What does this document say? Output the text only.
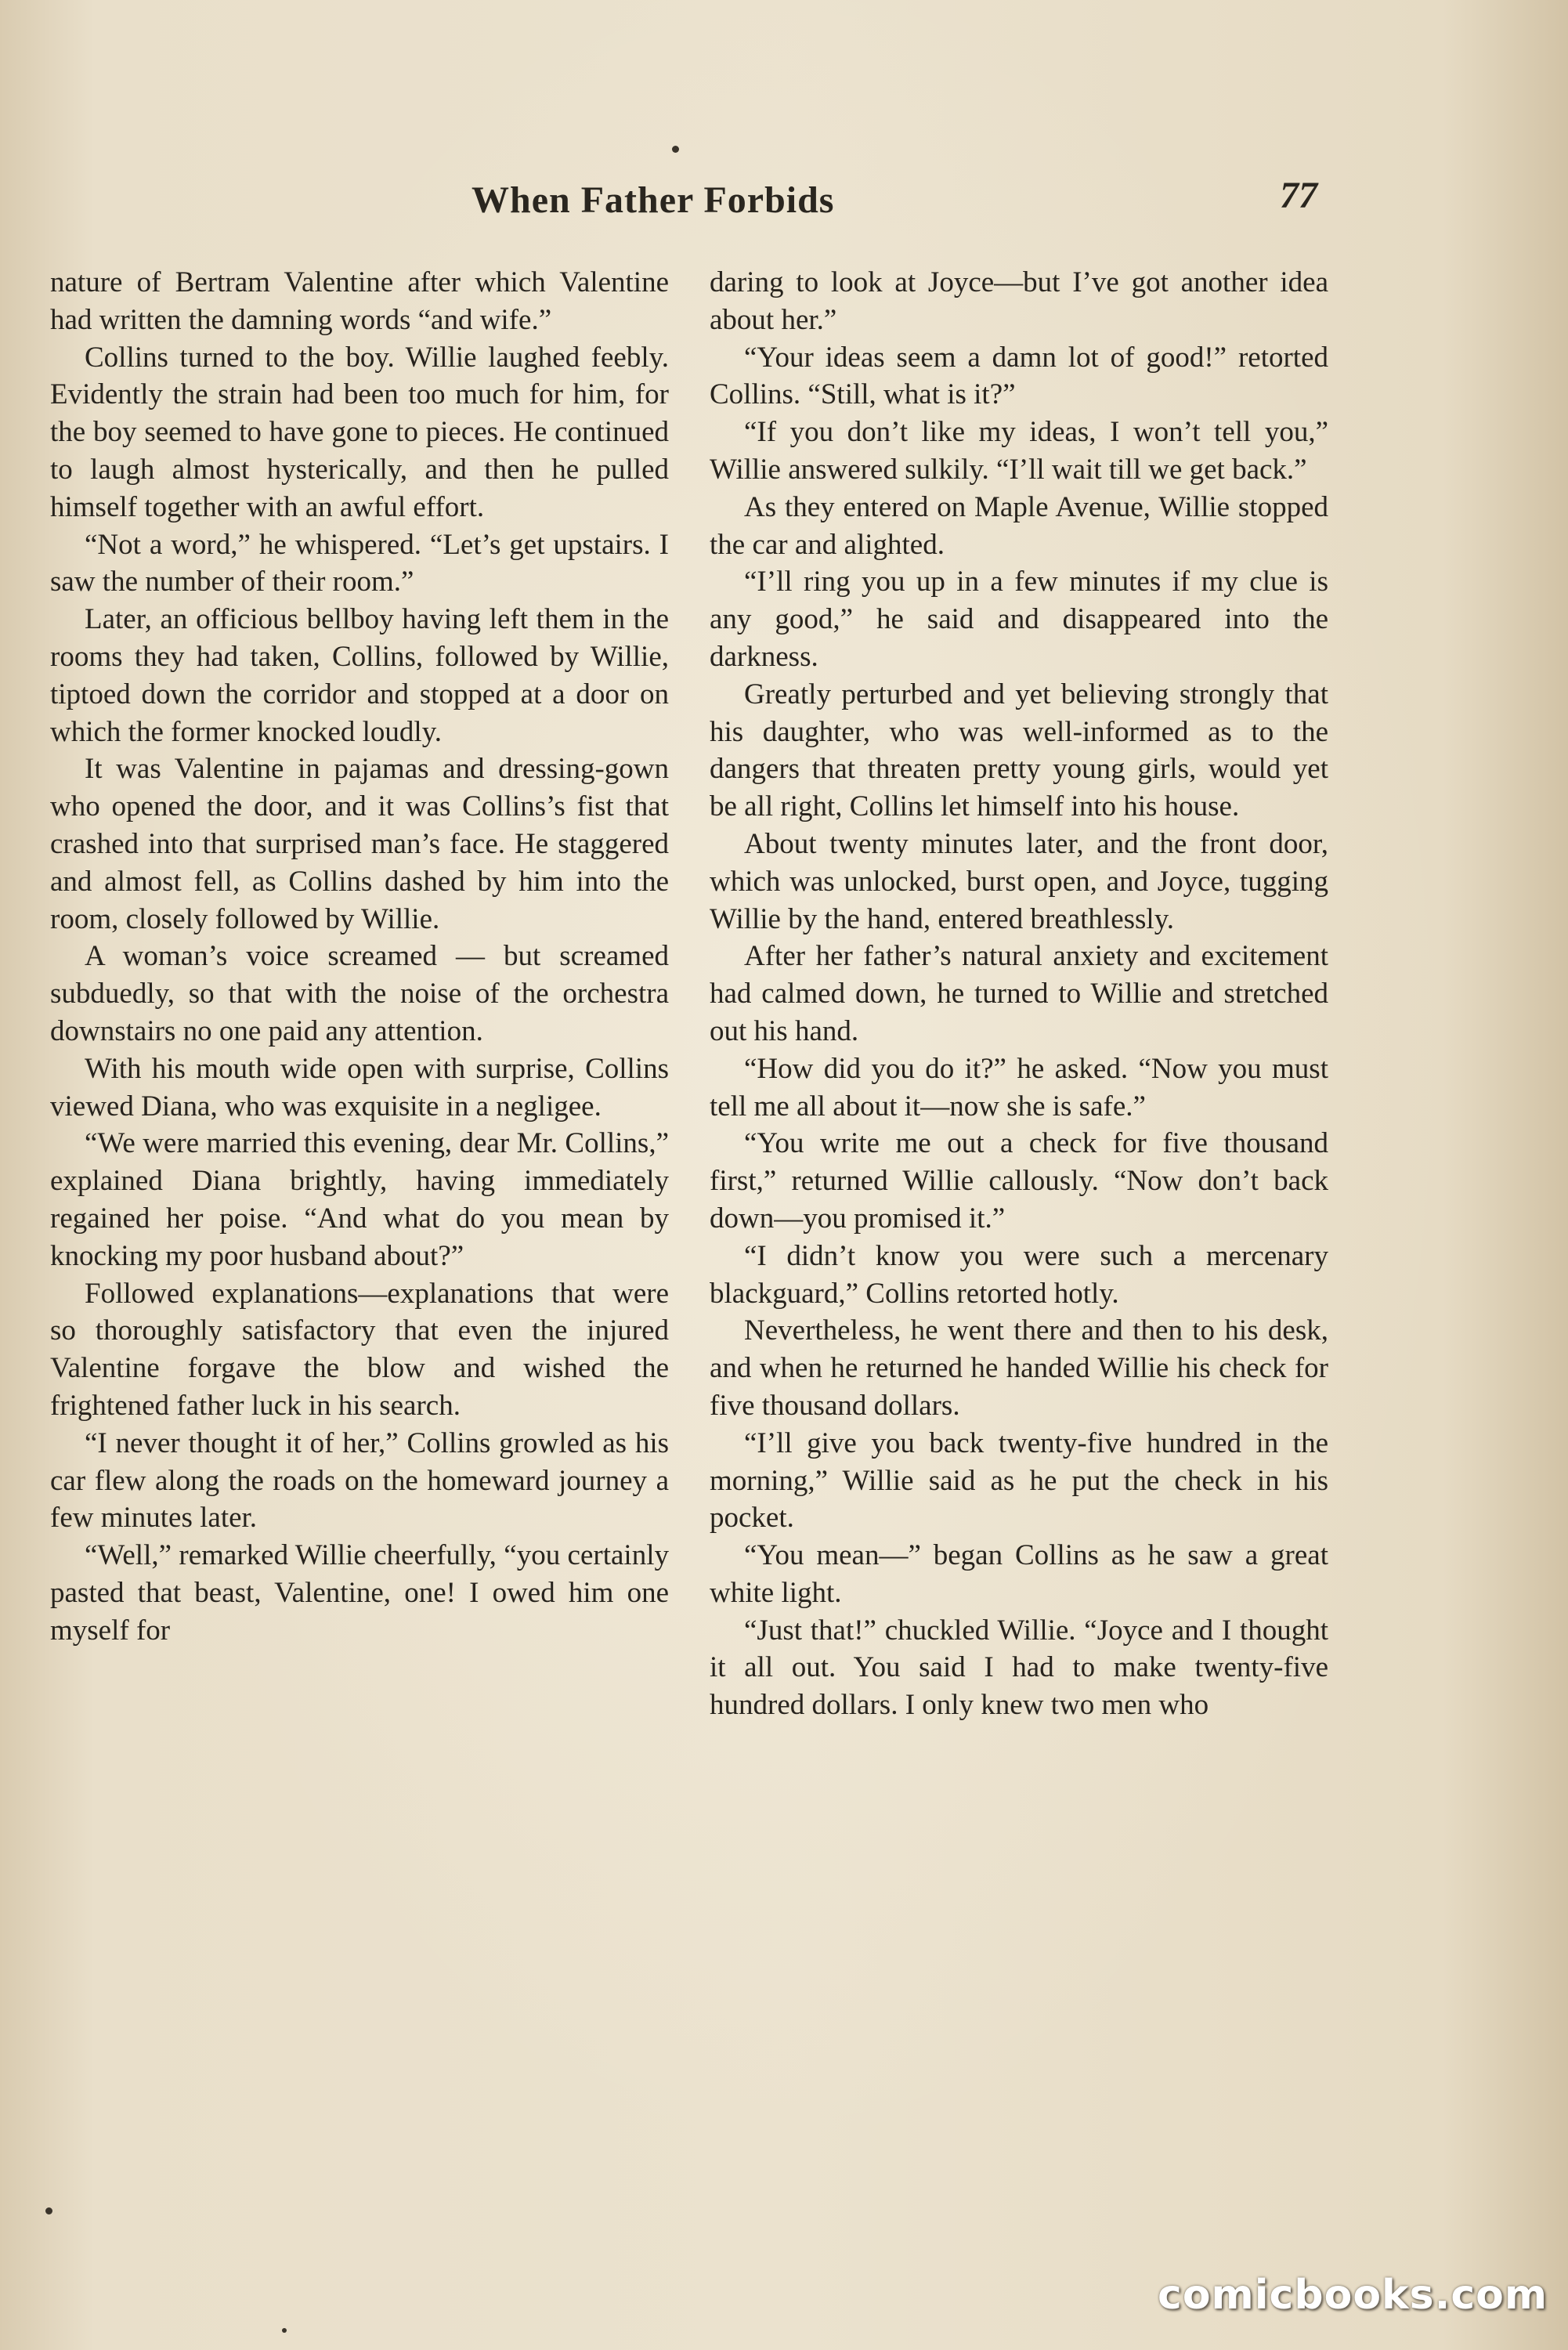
When Father Forbids	77

nature of Bertram Valentine after which Valentine had written the damning words “and wife.”

Collins turned to the boy. Willie laughed feebly. Evidently the strain had been too much for him, for the boy seemed to have gone to pieces. He continued to laugh almost hysterically, and then he pulled himself together with an awful effort.

“Not a word,” he whispered. “Let’s get upstairs. I saw the number of their room.”

Later, an officious bellboy having left them in the rooms they had taken, Collins, followed by Willie, tiptoed down the corridor and stopped at a door on which the former knocked loudly.

It was Valentine in pajamas and dressing-gown who opened the door, and it was Collins’s fist that crashed into that surprised man’s face. He staggered and almost fell, as Collins dashed by him into the room, closely followed by Willie.

A woman’s voice screamed — but screamed subduedly, so that with the noise of the orchestra downstairs no one paid any attention.

With his mouth wide open with surprise, Collins viewed Diana, who was exquisite in a negligee.

“We were married this evening, dear Mr. Collins,” explained Diana brightly, having immediately regained her poise. “And what do you mean by knocking my poor husband about?”

Followed explanations—explanations that were so thoroughly satisfactory that even the injured Valentine forgave the blow and wished the frightened father luck in his search.

“I never thought it of her,” Collins growled as his car flew along the roads on the homeward journey a few minutes later.

“Well,” remarked Willie cheerfully, “you certainly pasted that beast, Valentine, one! I owed him one myself for

daring to look at Joyce—but I’ve got another idea about her.”

“Your ideas seem a damn lot of good!” retorted Collins. “Still, what is it?”

“If you don’t like my ideas, I won’t tell you,” Willie answered sulkily. “I’ll wait till we get back.”

As they entered on Maple Avenue, Willie stopped the car and alighted.

“I’ll ring you up in a few minutes if my clue is any good,” he said and disappeared into the darkness.

Greatly perturbed and yet believing strongly that his daughter, who was well-informed as to the dangers that threaten pretty young girls, would yet be all right, Collins let himself into his house.

About twenty minutes later, and the front door, which was unlocked, burst open, and Joyce, tugging Willie by the hand, entered breathlessly.

After her father’s natural anxiety and excitement had calmed down, he turned to Willie and stretched out his hand.

“How did you do it?” he asked. “Now you must tell me all about it—now she is safe.”

“You write me out a check for five thousand first,” returned Willie callously. “Now don’t back down—you promised it.”

“I didn’t know you were such a mercenary blackguard,” Collins retorted hotly.

Nevertheless, he went there and then to his desk, and when he returned he handed Willie his check for five thousand dollars.

“I’ll give you back twenty-five hundred in the morning,” Willie said as he put the check in his pocket.

“You mean—” began Collins as he saw a great white light.

“Just that!” chuckled Willie. “Joyce and I thought it all out. You said I had to make twenty-five hundred dollars. I only knew two men who

comicbooks.com
